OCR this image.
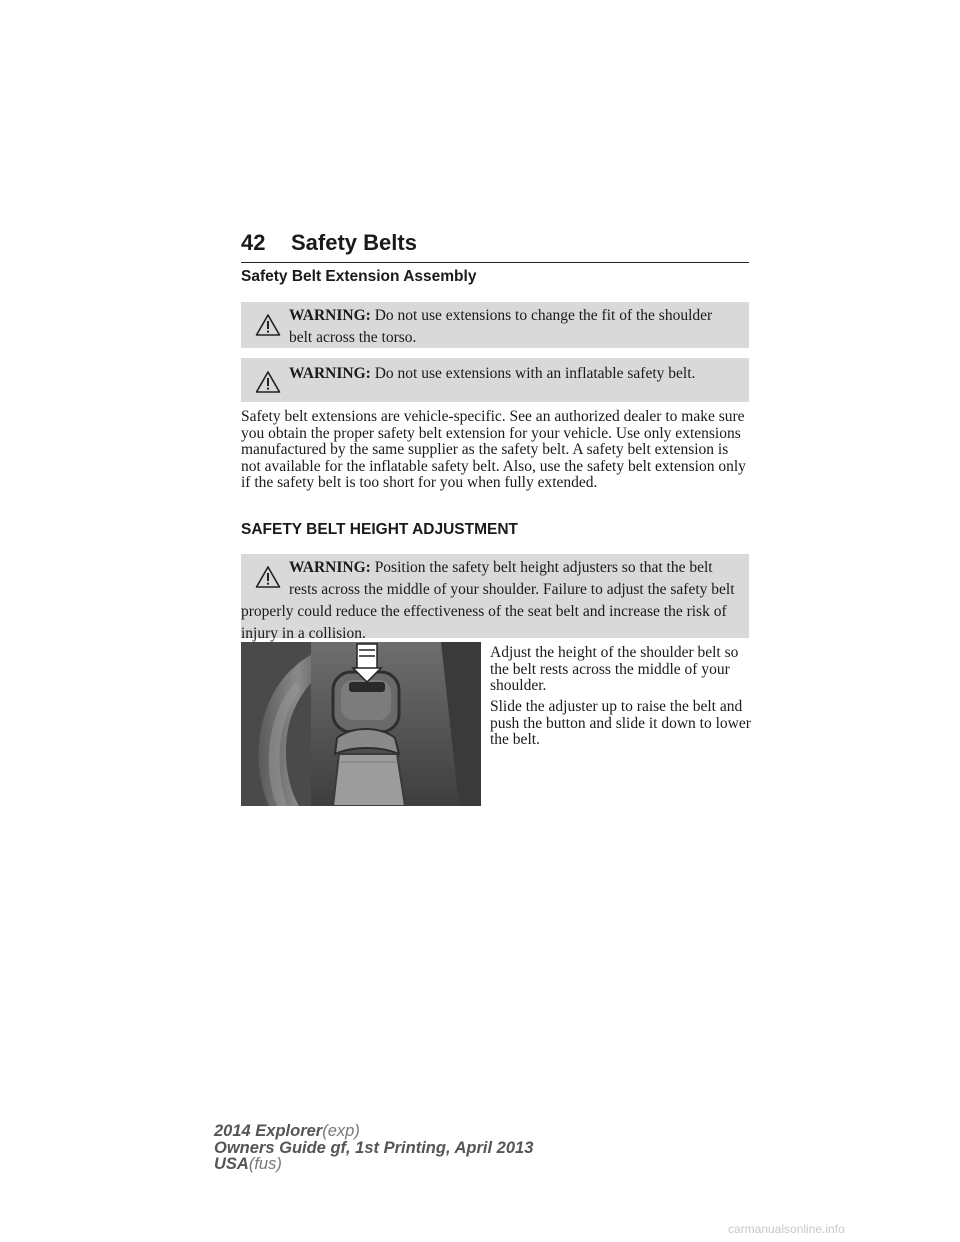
42 Safety Belts
Safety Belt Extension Assembly
WARNING: Do not use extensions to change the fit of the shoulder belt across the torso.
WARNING: Do not use extensions with an inflatable safety belt.
Safety belt extensions are vehicle-specific. See an authorized dealer to make sure you obtain the proper safety belt extension for your vehicle. Use only extensions manufactured by the same supplier as the safety belt. A safety belt extension is not available for the inflatable safety belt. Also, use the safety belt extension only if the safety belt is too short for you when fully extended.
SAFETY BELT HEIGHT ADJUSTMENT
WARNING: Position the safety belt height adjusters so that the belt rests across the middle of your shoulder. Failure to adjust the safety belt properly could reduce the effectiveness of the seat belt and increase the risk of injury in a collision.
Adjust the height of the shoulder belt so the belt rests across the middle of your shoulder.
Slide the adjuster up to raise the belt and push the button and slide it down to lower the belt.
2014 Explorer(exp)
Owners Guide gf, 1st Printing, April 2013
USA(fus)
carmanualsonline.info
